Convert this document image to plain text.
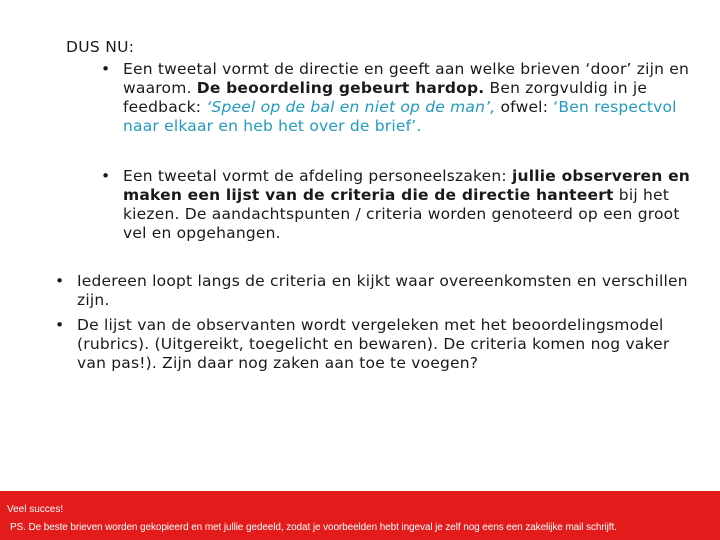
DUS NU:
• Een tweetal vormt de directie en geeft aan welke brieven ‘door’ zijn en waarom. De beoordeling gebeurt hardop. Ben zorgvuldig in je feedback: ‘Speel op de bal en niet op de man’, ofwel: ‘Ben respectvol naar elkaar en heb het over de brief’.
• Een tweetal vormt de afdeling personeelszaken: jullie observeren en maken een lijst van de criteria die de directie hanteert bij het kiezen. De aandachtspunten / criteria worden genoteerd op een groot vel en opgehangen.
• Iedereen loopt langs de criteria en kijkt waar overeenkomsten en verschillen zijn.
• De lijst van de observanten wordt vergeleken met het beoordelingsmodel (rubrics). (Uitgereikt, toegelicht en bewaren). De criteria komen nog vaker van pas!). Zijn daar nog zaken aan toe te voegen?
Veel succes!
PS. De beste brieven worden gekopieerd en met jullie gedeeld, zodat je voorbeelden hebt ingeval je zelf nog eens een zakelijke mail schrijft.
